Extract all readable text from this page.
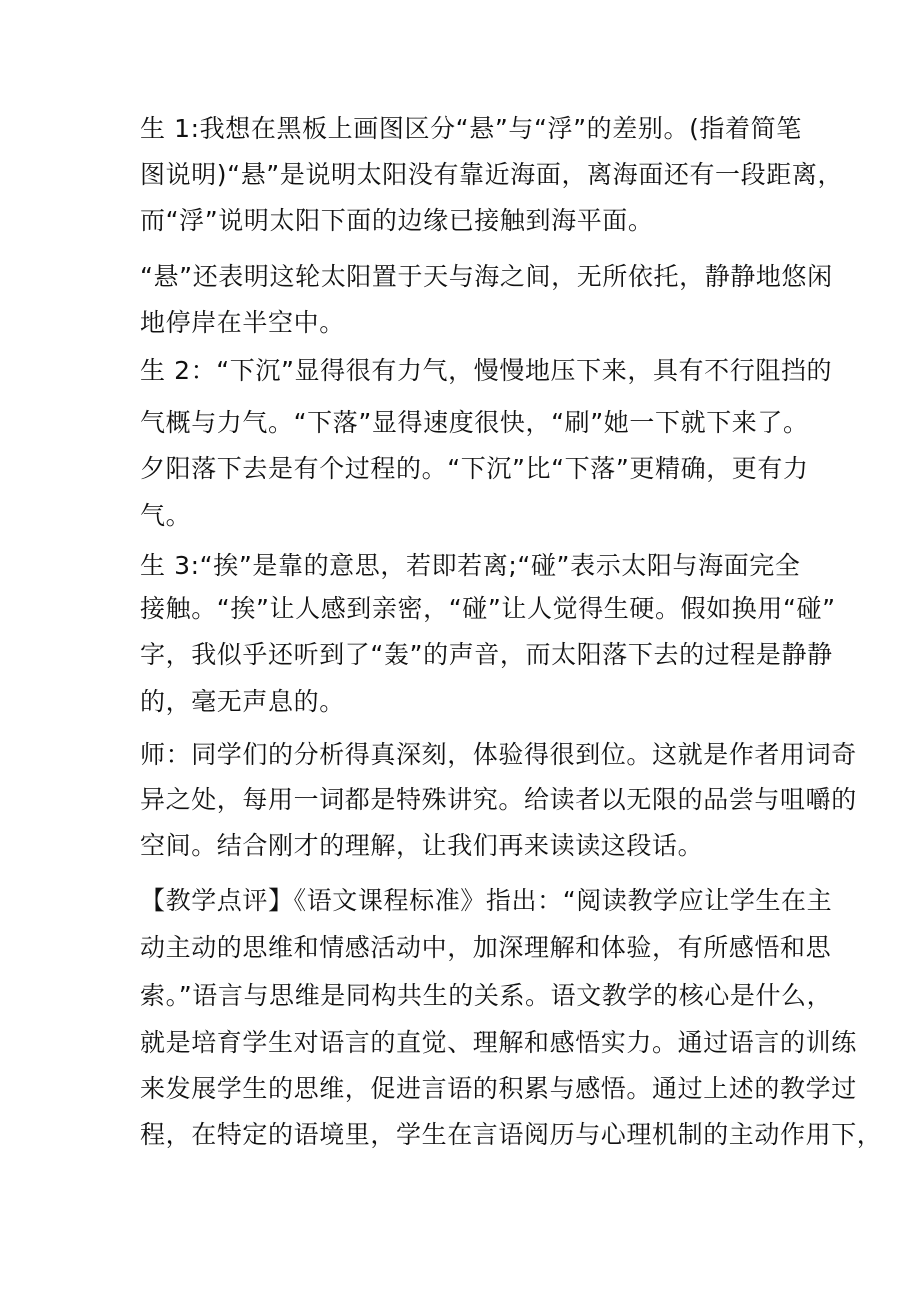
生 1:我想在黑板上画图区分“悬”与“浮”的差别。(指着简笔
图说明)“悬”是说明太阳没有靠近海面，离海面还有一段距离，
而“浮”说明太阳下面的边缘已接触到海平面。
“悬”还表明这轮太阳置于天与海之间，无所依托，静静地悠闲
地停岸在半空中。
生 2：“下沉”显得很有力气，慢慢地压下来，具有不行阻挡的
气概与力气。“下落”显得速度很快，“刷”她一下就下来了。
夕阳落下去是有个过程的。“下沉”比“下落”更精确，更有力
气。
生 3:“挨”是靠的意思，若即若离;“碰”表示太阳与海面完全
接触。“挨”让人感到亲密，“碰”让人觉得生硬。假如换用“碰”
字，我似乎还听到了“轰”的声音，而太阳落下去的过程是静静
的，毫无声息的。
师：同学们的分析得真深刻，体验得很到位。这就是作者用词奇
异之处，每用一词都是特殊讲究。给读者以无限的品尝与咀嚼的
空间。结合刚才的理解，让我们再来读读这段话。
【教学点评】《语文课程标准》指出：“阅读教学应让学生在主
动主动的思维和情感活动中，加深理解和体验，有所感悟和思
索。”语言与思维是同构共生的关系。语文教学的核心是什么，
就是培育学生对语言的直觉、理解和感悟实力。通过语言的训练
来发展学生的思维，促进言语的积累与感悟。通过上述的教学过
程，在特定的语境里，学生在言语阅历与心理机制的主动作用下，
